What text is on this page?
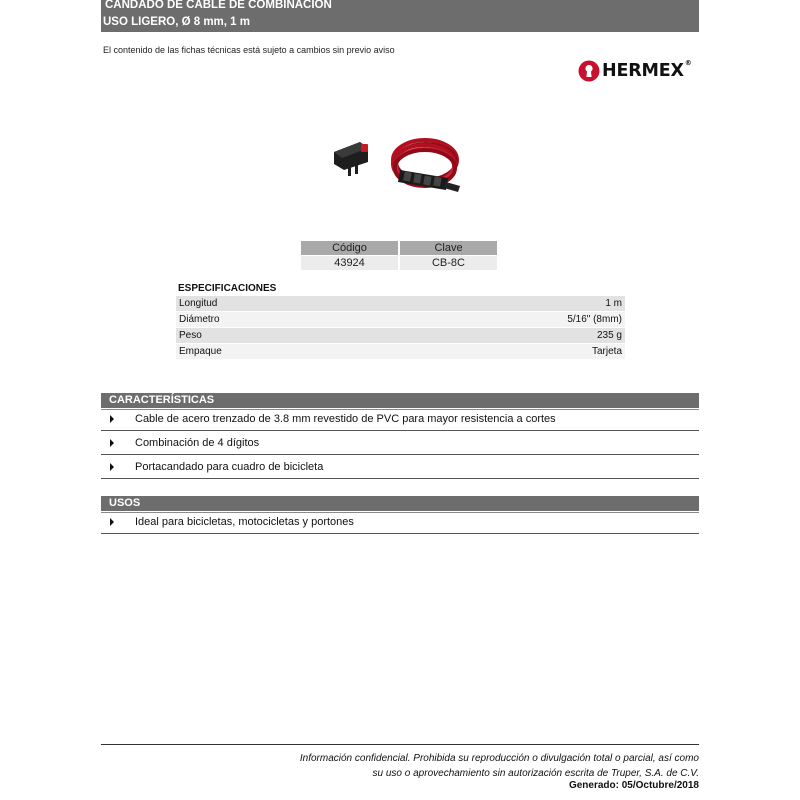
CANDADO DE CABLE DE COMBINACIÓN
USO LIGERO, Ø 8 mm, 1 m
El contenido de las fichas técnicas está sujeto a cambios sin previo aviso
HERMEX®
Código	Clave
43924	CB-8C
ESPECIFICACIONES
Longitud	1 m
Diámetro	5/16" (8mm)
Peso	235 g
Empaque	Tarjeta
CARACTERÍSTICAS
Cable de acero trenzado de 3.8 mm revestido de PVC para mayor resistencia a cortes
Combinación de 4 dígitos
Portacandado para cuadro de bicicleta
USOS
Ideal para bicicletas, motocicletas y portones
Información confidencial. Prohibida su reproducción o divulgación total o parcial, así como
su uso o aprovechamiento sin autorización escrita de Truper, S.A. de C.V.
Generado: 05/Octubre/2018
